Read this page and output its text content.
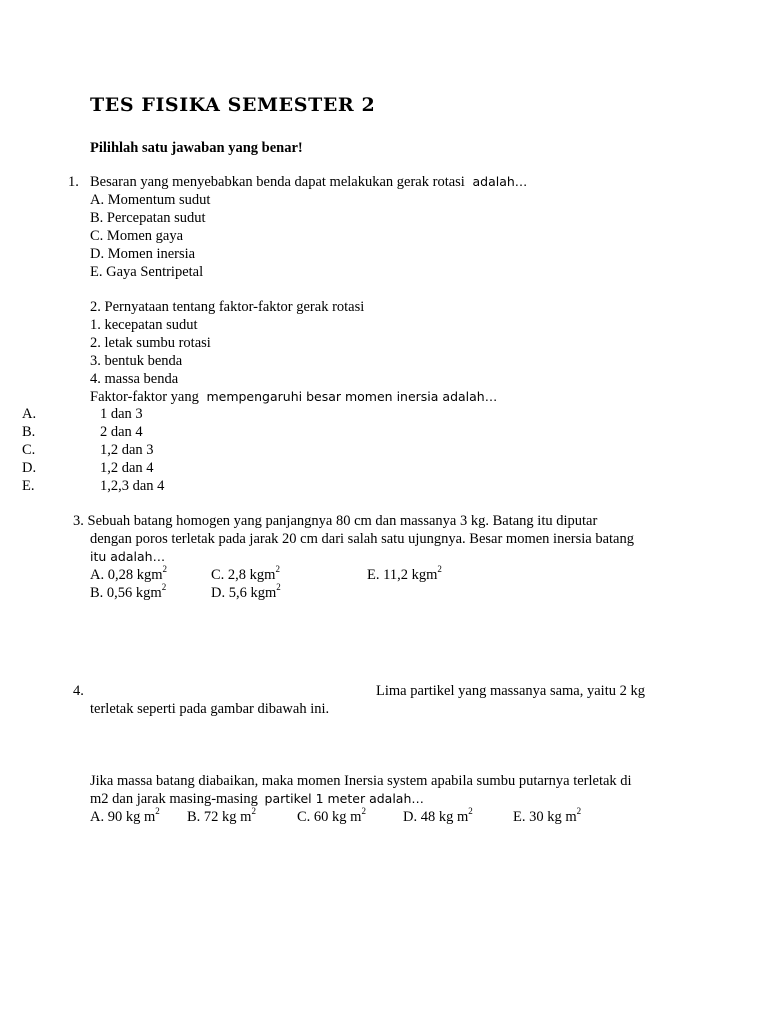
TES FISIKA SEMESTER 2
Pilihlah satu jawaban yang benar!
1. Besaran yang menyebabkan benda dapat melakukan gerak rotasi adalah…
A. Momentum sudut
B. Percepatan sudut
C. Momen gaya
D. Momen inersia
E. Gaya Sentripetal
2. Pernyataan tentang faktor-faktor gerak rotasi
1. kecepatan sudut
2. letak sumbu rotasi
3. bentuk benda
4. massa benda
Faktor-faktor yang mempengaruhi besar momen inersia adalah…
A.	1 dan 3
B.	2 dan 4
C.	1,2 dan 3
D.	1,2 dan 4
E.	1,2,3 dan 4
3. Sebuah batang homogen yang panjangnya 80 cm dan massanya 3 kg. Batang itu diputar
dengan poros terletak pada jarak 20 cm dari salah satu ujungnya. Besar momen inersia batang
itu adalah…
A. 0,28 kgm$^2$	C. 2,8 kgm$^2$	E. 11,2 kgm$^2$
B. 0,56 kgm$^2$	D. 5,6 kgm$^2$
4.	Lima partikel yang massanya sama, yaitu 2 kg
terletak seperti pada gambar dibawah ini.
Jika massa batang diabaikan, maka momen Inersia system apabila sumbu putarnya terletak di
m2 dan jarak masing-masing partikel 1 meter adalah…
A. 90 kg $m^2$ B. 72 kg $m^2$	C. 60 kg $m^2$	D. 48 kg $m^2$	E. 30 kg $m^2$
